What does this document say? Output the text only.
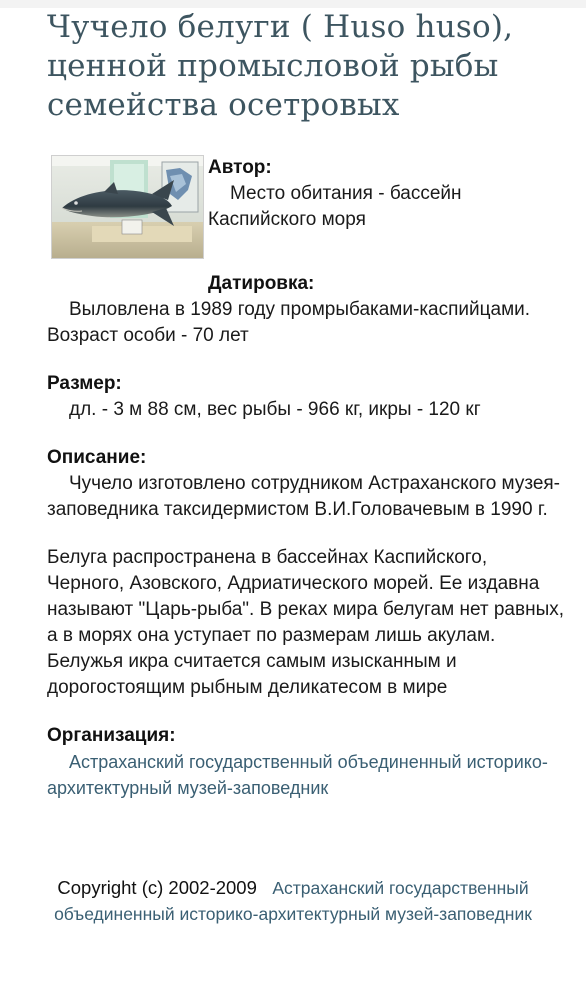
Чучело белуги ( Huso huso), ценной промысловой рыбы семейства осетровых
Автор:
Место обитания - бассейн Каспийского моря
Датировка:
Выловлена в 1989 году промрыбаками-каспийцами. Возраст особи - 70 лет
Размер:
дл. - 3 м 88 см, вес рыбы - 966 кг, икры - 120 кг
Описание:
Чучело изготовлено сотрудником Астраханского музея-заповедника таксидермистом В.И.Головачевым в 1990 г.
Белуга распространена в бассейнах Каспийского, Черного, Азовского, Адриатического морей. Ее издавна называют "Царь-рыба". В реках мира белугам нет равных, а в морях она уступает по размерам лишь акулам. Белужья икра считается самым изысканным и дорогостоящим рыбным деликатесом в мире
Организация:
Астраханский государственный объединенный историко-архитектурный музей-заповедник
Copyright (c) 2002-2009 Астраханский государственный объединенный историко-архитектурный музей-заповедник
